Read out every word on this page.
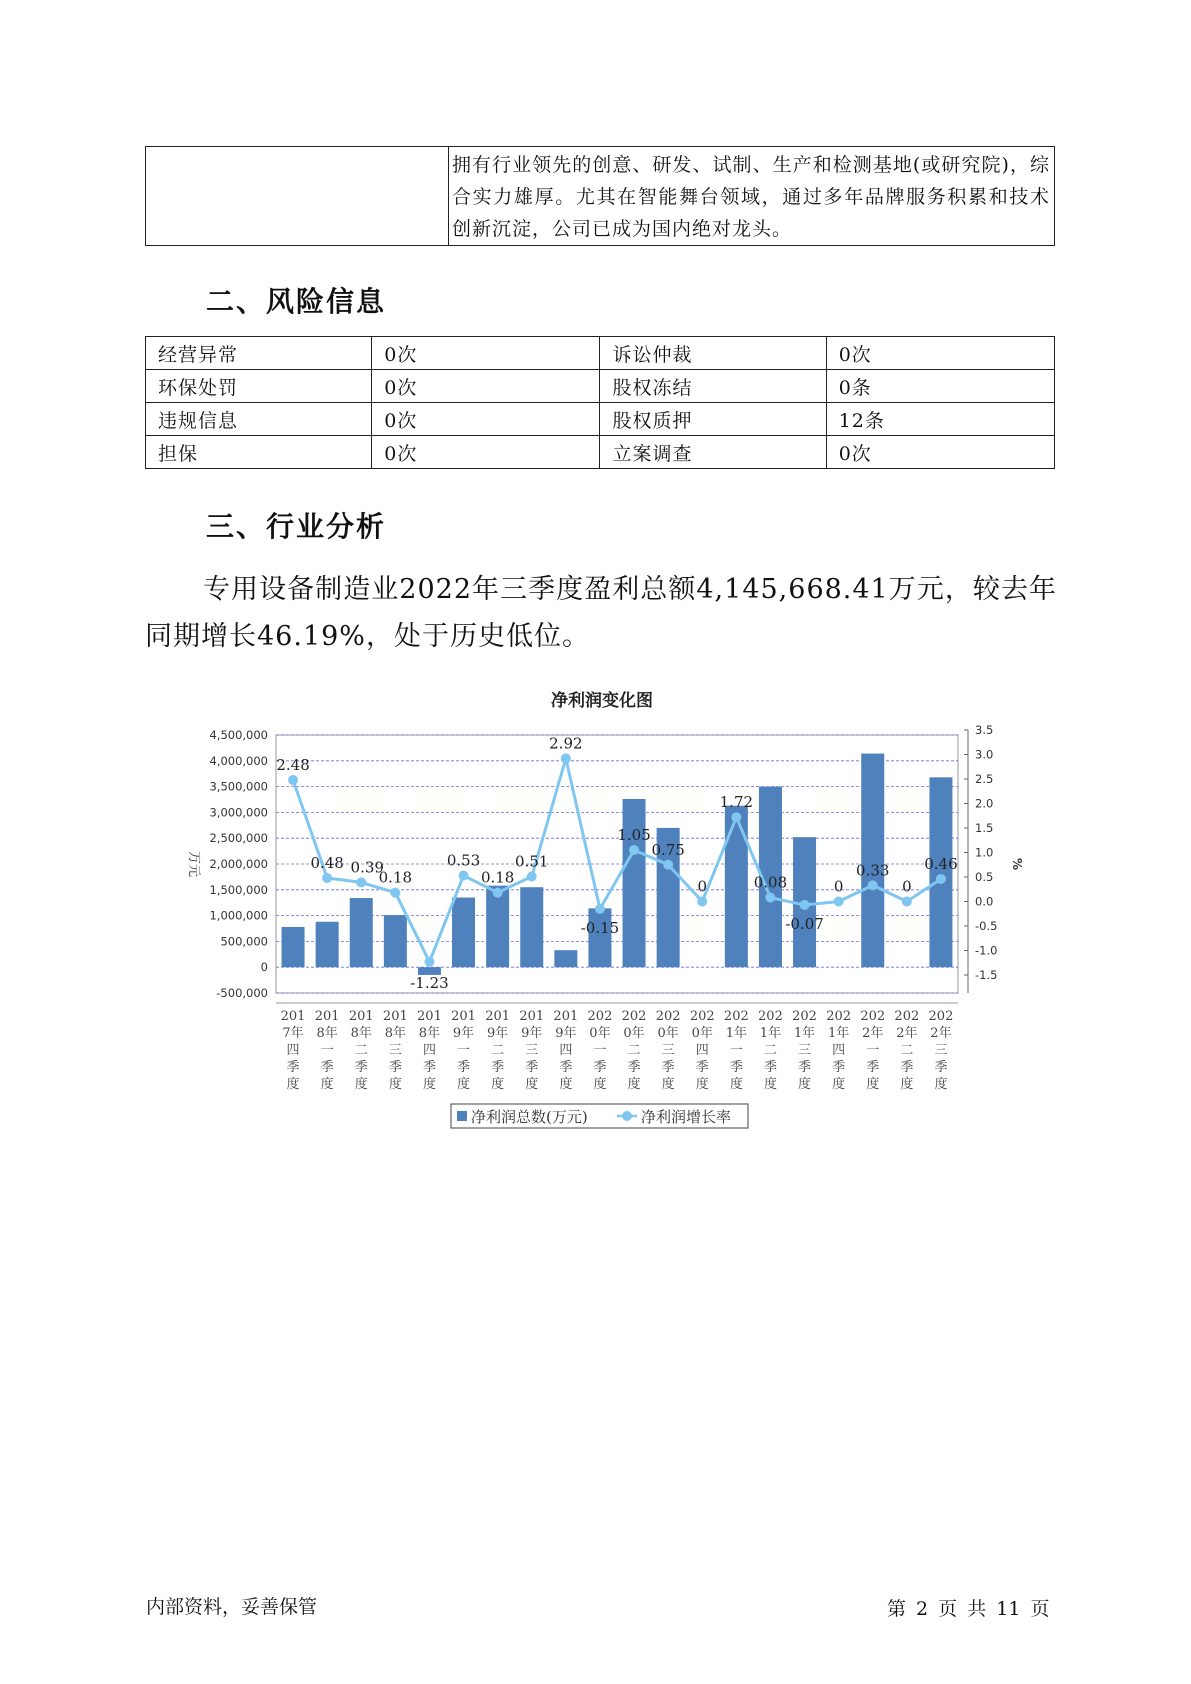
	拥有行业领先的创意、研发、试制、生产和检测基地(或研究院)，综合实力雄厚。尤其在智能舞台领域，通过多年品牌服务积累和技术创新沉淀，公司已成为国内绝对龙头。
二、风险信息
经营异常	0次	诉讼仲裁	0次
环保处罚	0次	股权冻结	0条
违规信息	0次	股权质押	12条
担保	0次	立案调查	0次
三、行业分析

专用设备制造业2022年三季度盈利总额4,145,668.41万元，较去年同期增长46.19%，处于历史低位。

净利润变化图
4,500,000
4,000,000
3,500,000
3,000,000
2,500,000
2,000,000
1,500,000
1,000,000
500,000
0
-500,000
万元
3.5
3.0
2.5
2.0
1.5
1.0
0.5
0.0
-0.5
-1.0
-1.5
%
2.48
0.48 0.39
0.18
-1.23
0.53
0.18
0.51
2.92
-0.15
1.05
0.75
0
1.72
0.08
-0.07
0
0.33
0
0.46
201 7年四季度
201 8年一季度
201 8年二季度
201 8年三季度
201 8年四季度
201 9年一季度
201 9年二季度
201 9年三季度
201 9年四季度
202 0年一季度
202 0年二季度
202 0年三季度
202 0年四季度
202 1年一季度
202 1年二季度
202 1年三季度
202 1年四季度
202 2年一季度
202 2年二季度
202 2年三季度
净利润总数(万元)	净利润增长率
内部资料，妥善保管	第 2 页 共 11 页
